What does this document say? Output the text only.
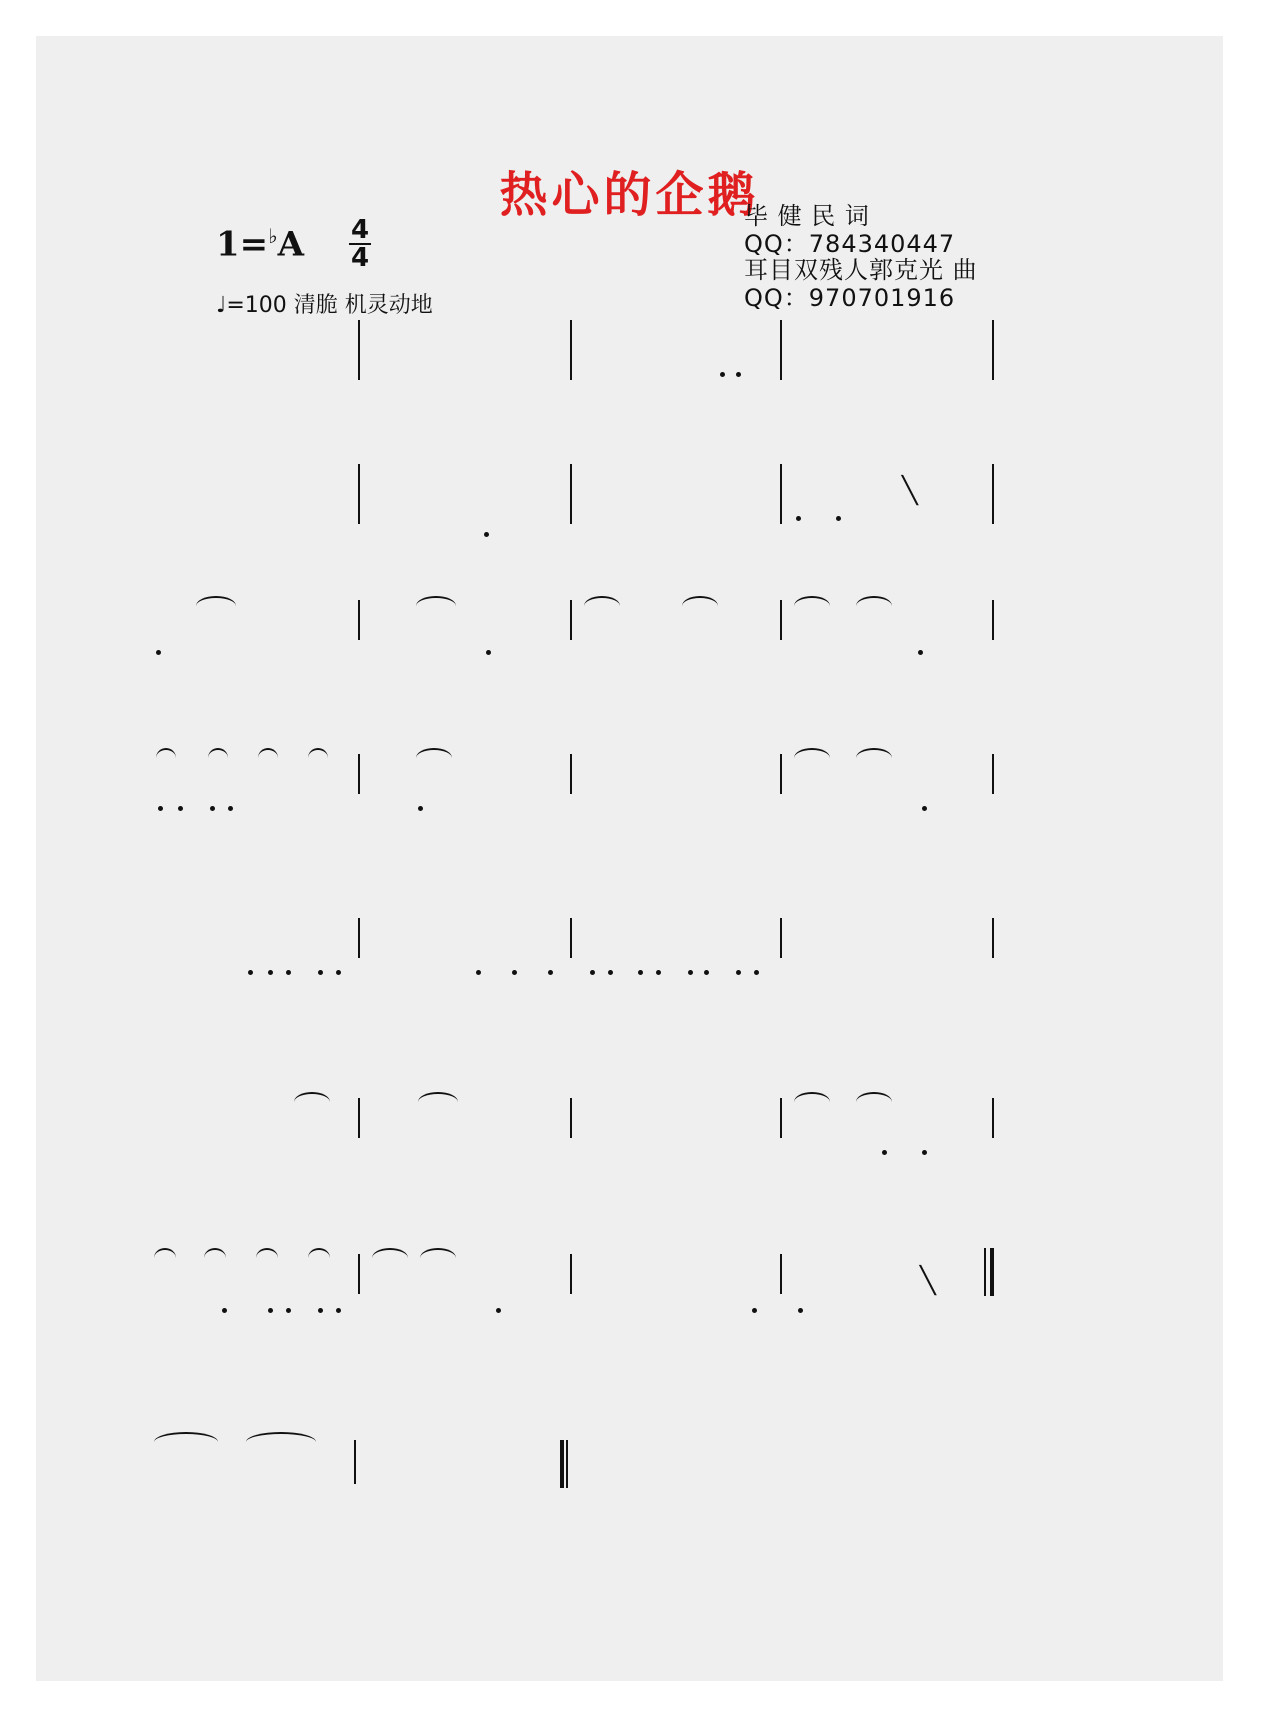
热心的企鹅
1=♭A 4
4
♩=100 清脆 机灵动地
毕 健 民 词
QQ：784340447
耳目双残人郭克光 曲
QQ：970701916
╲
╲
